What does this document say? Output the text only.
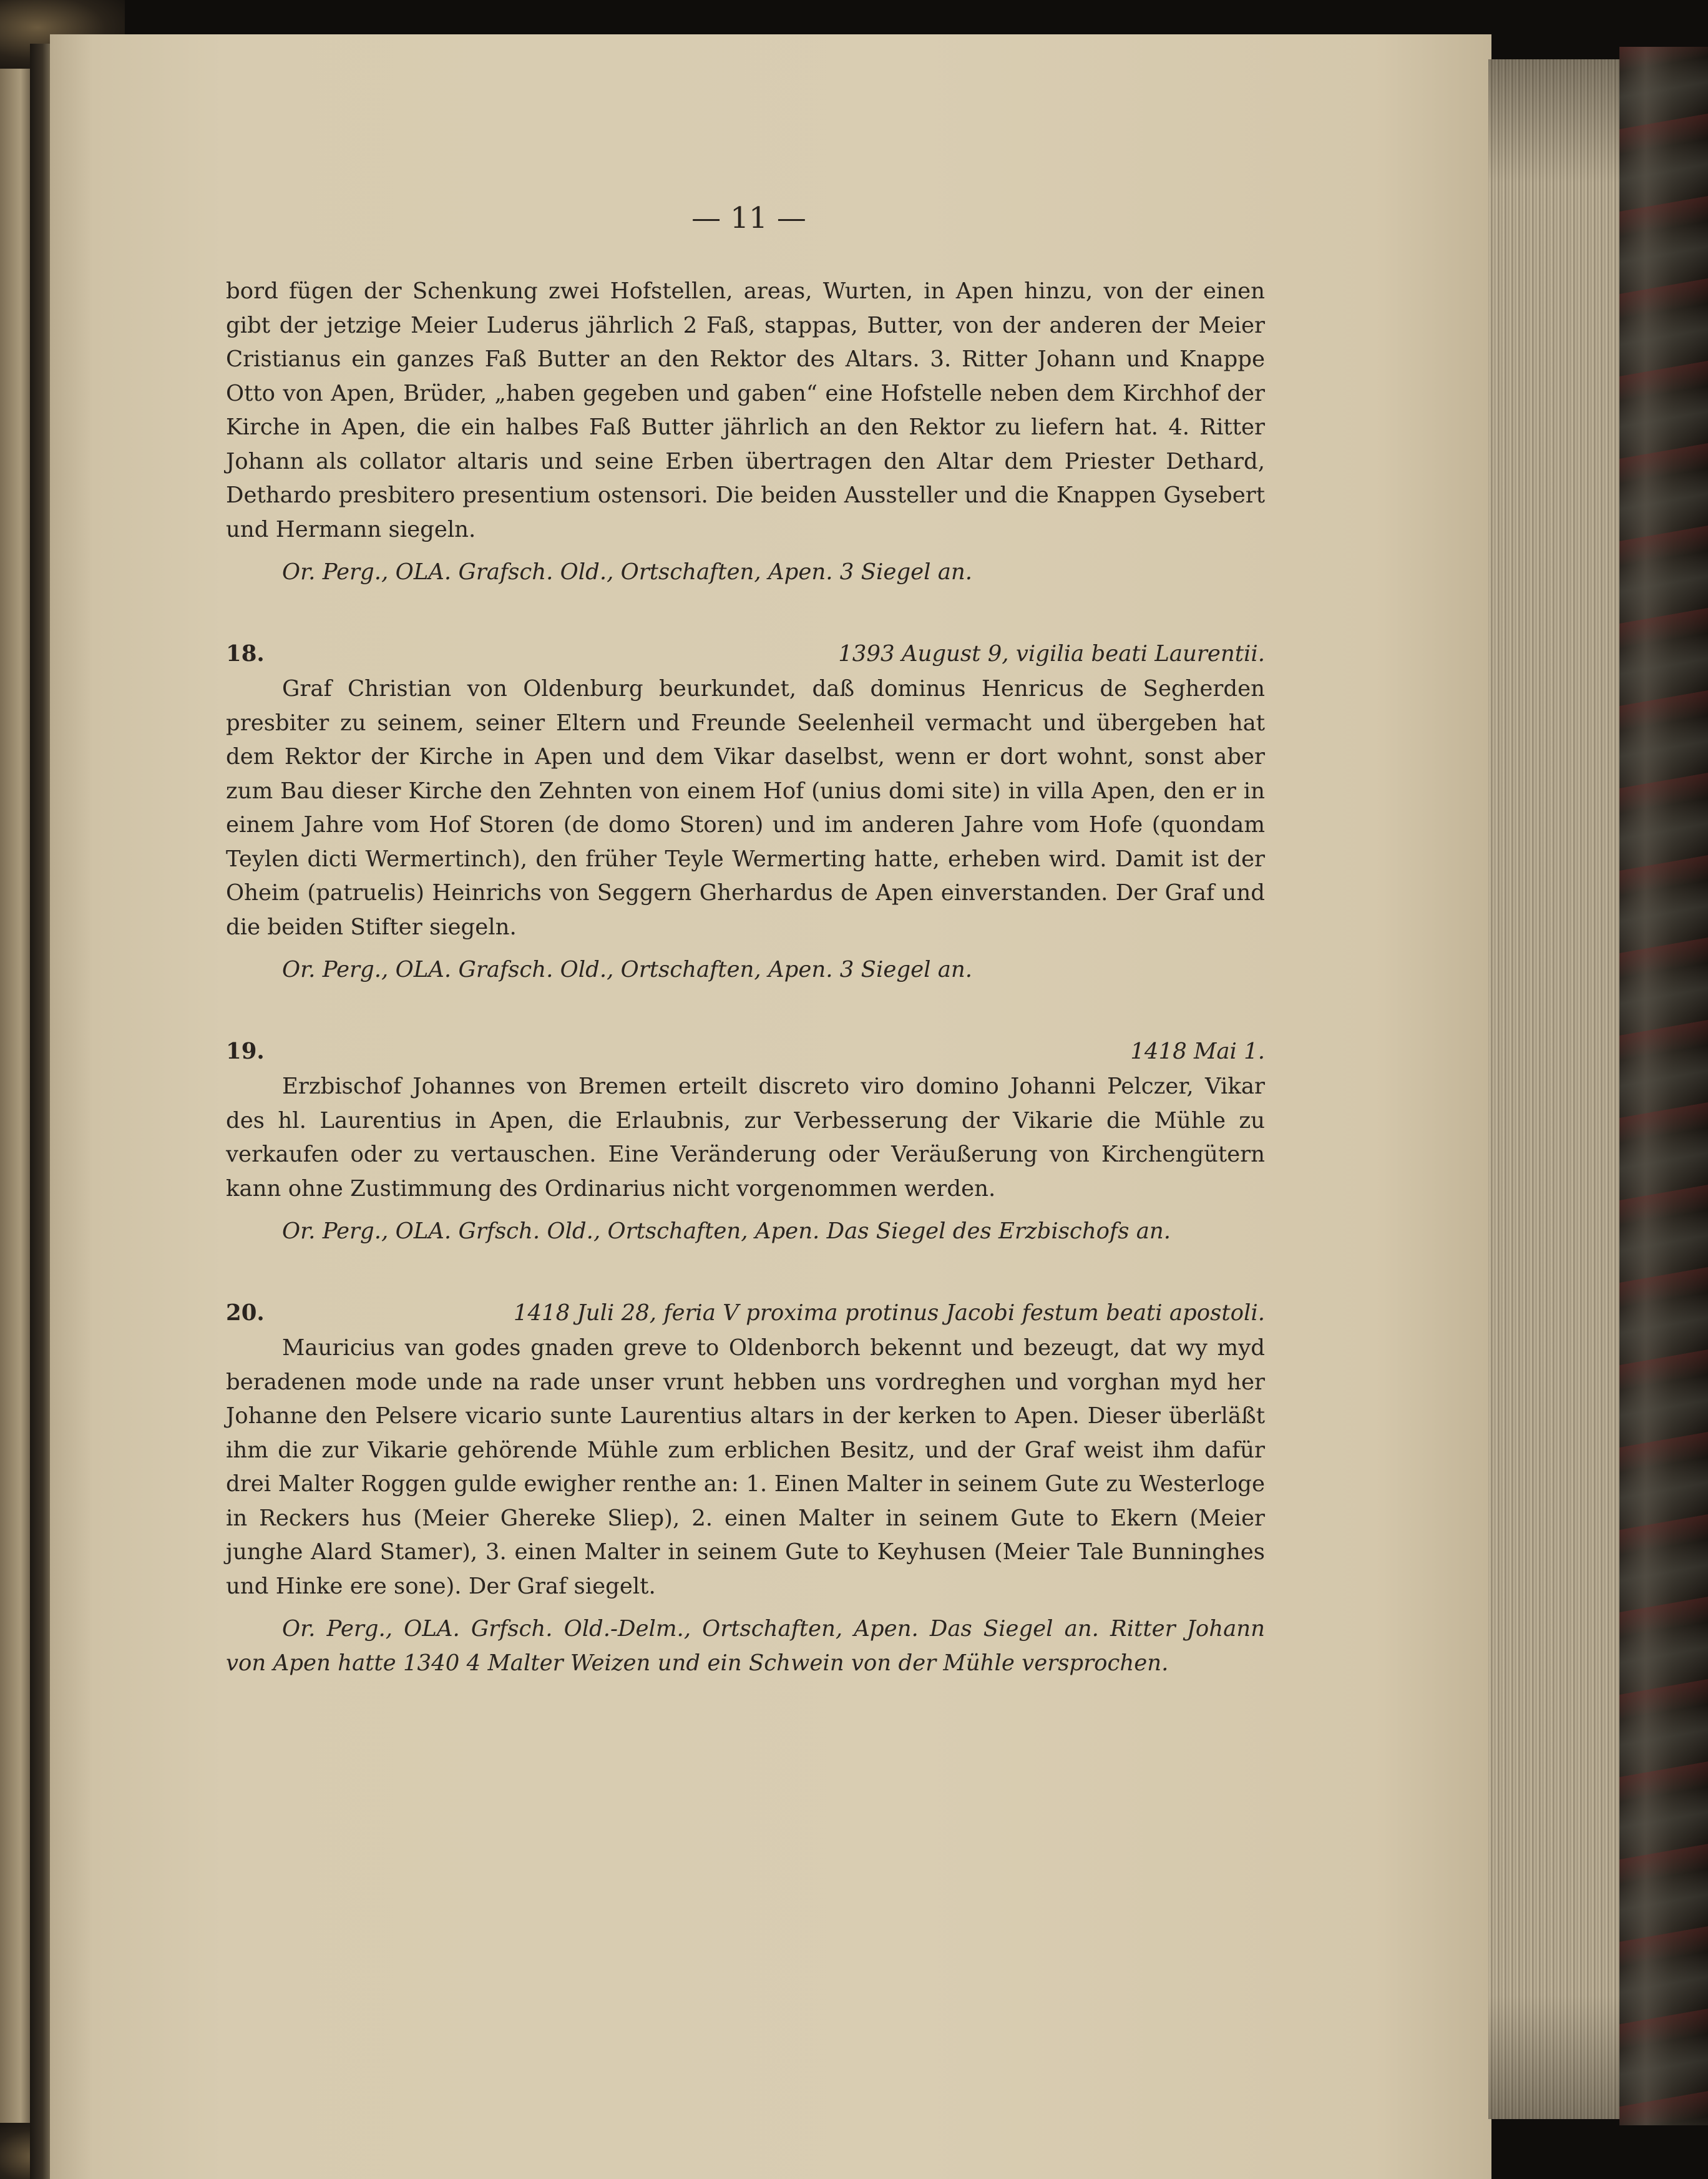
— 11 —

bord fügen der Schenkung zwei Hofstellen, areas, Wurten, in Apen hinzu, von der einen gibt der jetzige Meier Luderus jährlich 2 Faß, stappas, Butter, von der anderen der Meier Cristianus ein ganzes Faß Butter an den Rektor des Altars. 3. Ritter Johann und Knappe Otto von Apen, Brüder, „haben gegeben und gaben“ eine Hofstelle neben dem Kirchhof der Kirche in Apen, die ein halbes Faß Butter jährlich an den Rektor zu liefern hat. 4. Ritter Johann als collator altaris und seine Erben übertragen den Altar dem Priester Dethard, Dethardo presbitero presentium ostensori. Die beiden Aussteller und die Knappen Gysebert und Hermann siegeln.

Or. Perg., OLA. Grafsch. Old., Ortschaften, Apen. 3 Siegel an.

18.	1393 August 9, vigilia beati Laurentii.

Graf Christian von Oldenburg beurkundet, daß dominus Henricus de Segherden presbiter zu seinem, seiner Eltern und Freunde Seelenheil vermacht und übergeben hat dem Rektor der Kirche in Apen und dem Vikar daselbst, wenn er dort wohnt, sonst aber zum Bau dieser Kirche den Zehnten von einem Hof (unius domi site) in villa Apen, den er in einem Jahre vom Hof Storen (de domo Storen) und im anderen Jahre vom Hofe (quondam Teylen dicti Wermertinch), den früher Teyle Wermerting hatte, erheben wird. Damit ist der Oheim (patruelis) Heinrichs von Seggern Gherhardus de Apen einverstanden. Der Graf und die beiden Stifter siegeln.

Or. Perg., OLA. Grafsch. Old., Ortschaften, Apen. 3 Siegel an.

19.	1418 Mai 1.

Erzbischof Johannes von Bremen erteilt discreto viro domino Johanni Pelczer, Vikar des hl. Laurentius in Apen, die Erlaubnis, zur Verbesserung der Vikarie die Mühle zu verkaufen oder zu vertauschen. Eine Veränderung oder Veräußerung von Kirchengütern kann ohne Zustimmung des Ordinarius nicht vorgenommen werden.

Or. Perg., OLA. Grfsch. Old., Ortschaften, Apen. Das Siegel des Erzbischofs an.

20.	1418 Juli 28, feria V proxima protinus Jacobi festum beati apostoli.

Mauricius van godes gnaden greve to Oldenborch bekennt und bezeugt, dat wy myd beradenen mode unde na rade unser vrunt hebben uns vordreghen und vorghan myd her Johanne den Pelsere vicario sunte Laurentius altars in der kerken to Apen. Dieser überläßt ihm die zur Vikarie gehörende Mühle zum erblichen Besitz, und der Graf weist ihm dafür drei Malter Roggen gulde ewigher renthe an: 1. Einen Malter in seinem Gute zu Westerloge in Reckers hus (Meier Ghereke Sliep), 2. einen Malter in seinem Gute to Ekern (Meier junghe Alard Stamer), 3. einen Malter in seinem Gute to Keyhusen (Meier Tale Bunninghes und Hinke ere sone). Der Graf siegelt.

Or. Perg., OLA. Grfsch. Old.-Delm., Ortschaften, Apen. Das Siegel an. Ritter Johann von Apen hatte 1340 4 Malter Weizen und ein Schwein von der Mühle versprochen.
